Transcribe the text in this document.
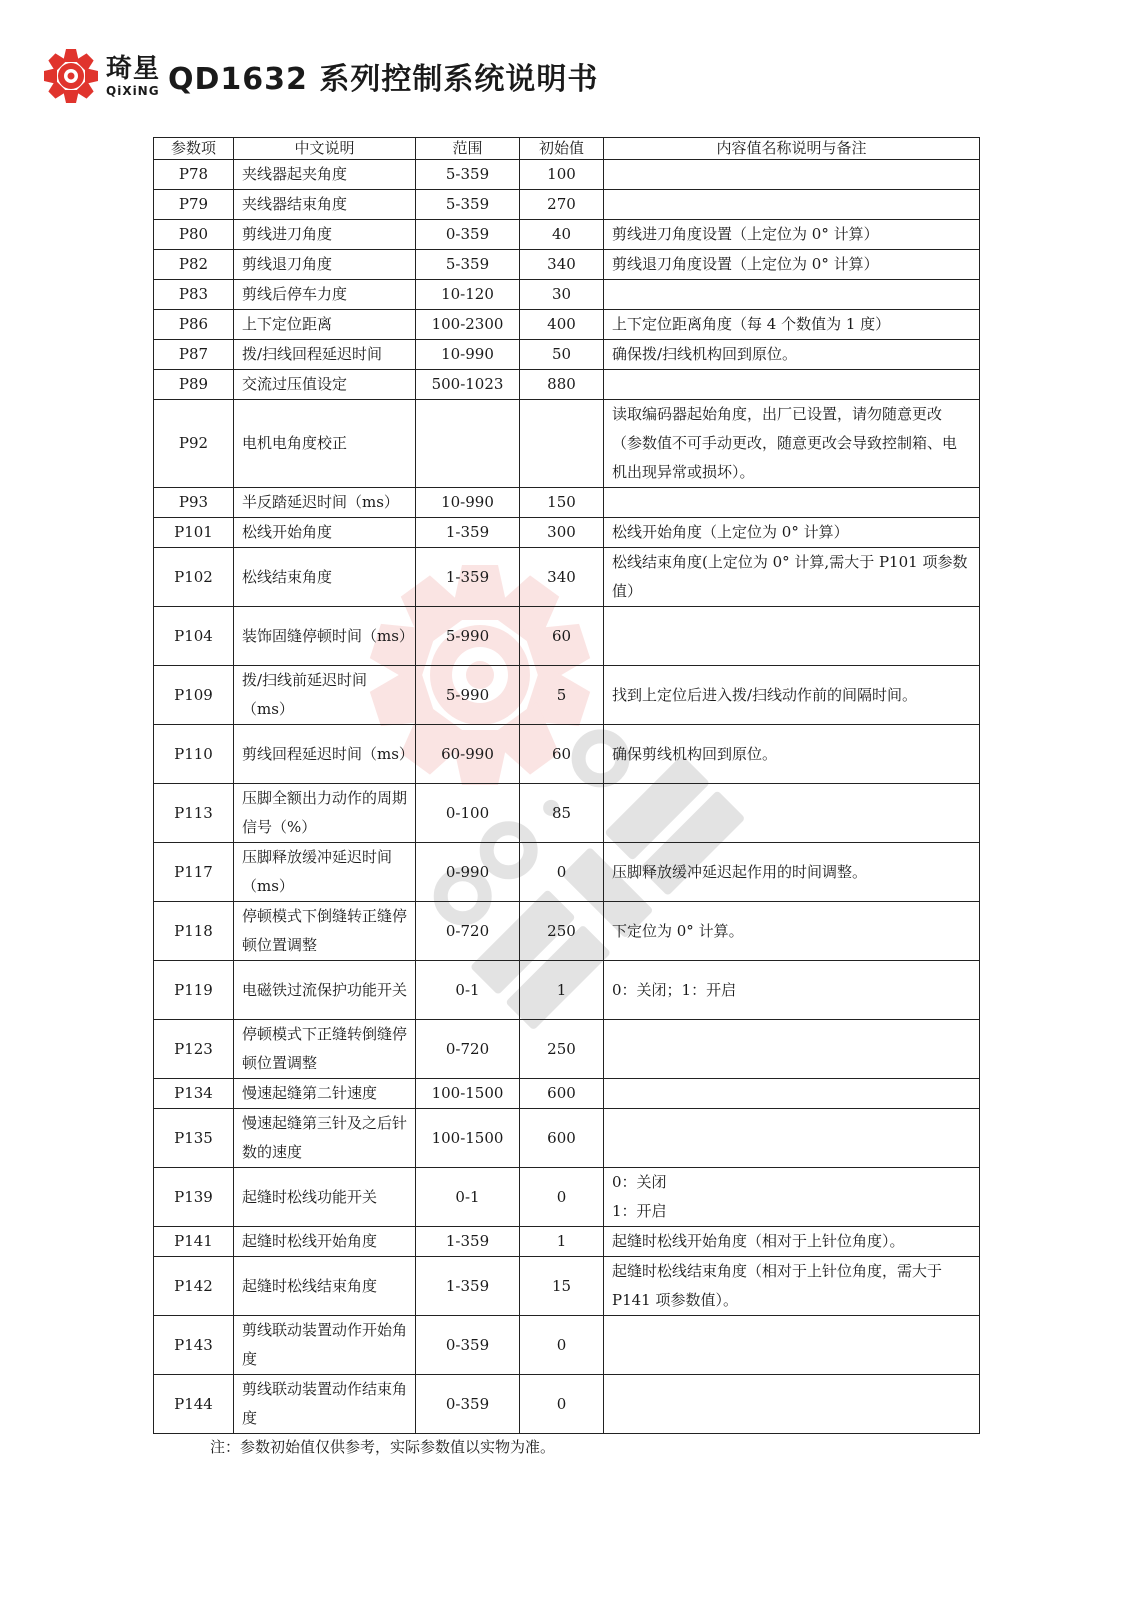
琦星
QiXiNG QD1632 系列控制系统说明书
参数项	中文说明	范围	初始值	内容值名称说明与备注
P78	夹线器起夹角度	5-359	100	
P79	夹线器结束角度	5-359	270	
P80	剪线进刀角度	0-359	40	剪线进刀角度设置（上定位为 0° 计算）
P82	剪线退刀角度	5-359	340	剪线退刀角度设置（上定位为 0° 计算）
P83	剪线后停车力度	10-120	30	
P86	上下定位距离	100-2300	400	上下定位距离角度（每 4 个数值为 1 度）
P87	拨/扫线回程延迟时间	10-990	50	确保拨/扫线机构回到原位。
P89	交流过压值设定	500-1023	880	
P92	电机电角度校正			读取编码器起始角度，出厂已设置，请勿随意更改（参数值不可手动更改，随意更改会导致控制箱、电机出现异常或损坏）。
P93	半反踏延迟时间（ms）	10-990	150	
P101	松线开始角度	1-359	300	松线开始角度（上定位为 0° 计算）
P102	松线结束角度	1-359	340	松线结束角度(上定位为 0° 计算,需大于 P101 项参数值）
P104	装饰固缝停顿时间（ms）	5-990	60	
P109	拨/扫线前延迟时间（ms）	5-990	5	找到上定位后进入拨/扫线动作前的间隔时间。
P110	剪线回程延迟时间（ms）	60-990	60	确保剪线机构回到原位。
P113	压脚全额出力动作的周期信号（%）	0-100	85	
P117	压脚释放缓冲延迟时间（ms）	0-990	0	压脚释放缓冲延迟起作用的时间调整。
P118	停顿模式下倒缝转正缝停顿位置调整	0-720	250	下定位为 0° 计算。
P119	电磁铁过流保护功能开关	0-1	1	0：关闭；1：开启
P123	停顿模式下正缝转倒缝停顿位置调整	0-720	250	
P134	慢速起缝第二针速度	100-1500	600	
P135	慢速起缝第三针及之后针数的速度	100-1500	600	
P139	起缝时松线功能开关	0-1	0	0：关闭
1：开启
P141	起缝时松线开始角度	1-359	1	起缝时松线开始角度（相对于上针位角度）。
P142	起缝时松线结束角度	1-359	15	起缝时松线结束角度（相对于上针位角度，需大于 P141 项参数值）。
P143	剪线联动装置动作开始角度	0-359	0	
P144	剪线联动装置动作结束角度	0-359	0	
注：参数初始值仅供参考，实际参数值以实物为准。
